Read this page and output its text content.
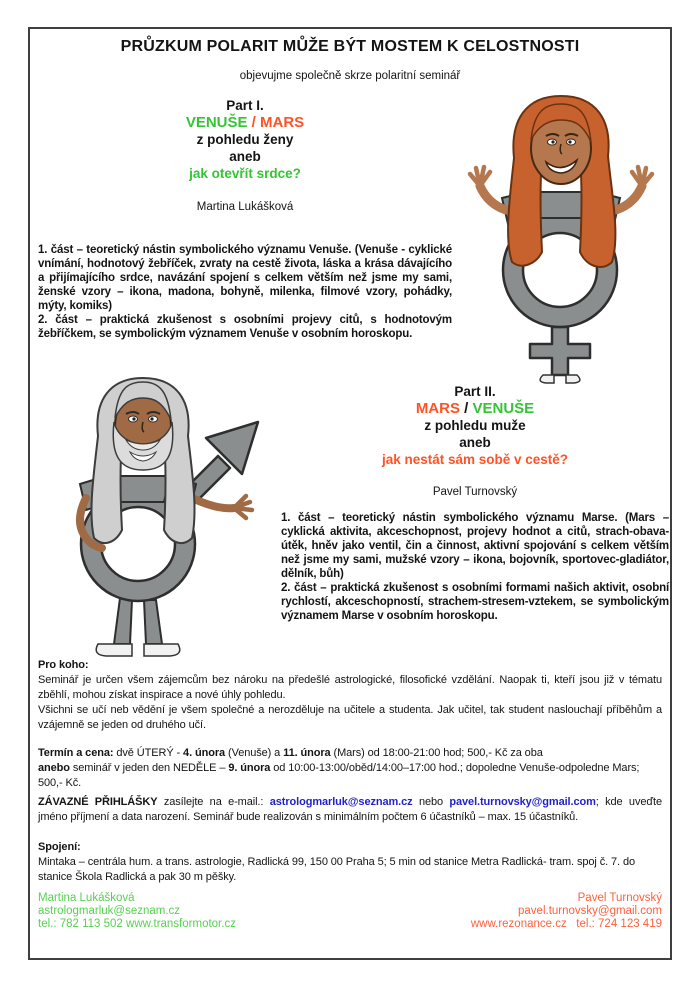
PRŮZKUM POLARIT MŮŽE BÝT MOSTEM K CELOSTNOSTI
objevujme společně skrze polaritní seminář
Part I.
VENUŠE / MARS
z pohledu ženy
aneb
jak otevřít srdce?
Martina Lukášková

1. část – teoretický nástin symbolického významu Venuše. (Venuše - cyklické vnímání, hodnotový žebříček, zvraty na cestě života, láska a krása dávajícího a přijímajícího srdce, navázání spojení s celkem větším než jsme my sami, ženské vzory – ikona, madona, bohyně, milenka, filmové vzory, pohádky, mýty, komiks)
2. část – praktická zkušenost s osobními projevy citů, s hodnotovým žebříčkem, se symbolickým významem Venuše v osobním horoskopu.

Part II.
MARS / VENUŠE
z pohledu muže
aneb
jak nestát sám sobě v cestě?
Pavel Turnovský

1. část – teoretický nástin symbolického významu Marse. (Mars – cyklická aktivita, akceschopnost, projevy hodnot a citů, strach-obava-útěk, hněv jako ventil, čin a činnost, aktivní spojování s celkem větším než jsme my sami, mužské vzory – ikona, bojovník, sportovec-gladiátor, dělník, bůh)
2. část – praktická zkušenost s osobními formami našich aktivit, osobní rychlostí, akceschopností, strachem-stresem-vztekem, se symbolickým významem Marse v osobním horoskopu.

Pro koho:
Seminář je určen všem zájemcům bez nároku na předešlé astrologické, filosofické vzdělání. Naopak ti, kteří jsou již v tématu zběhlí, mohou získat inspirace a nové úhly pohledu.
Všichni se učí neb vědění je všem společné a nerozděluje na učitele a studenta. Jak učitel, tak student naslouchají příběhům a vzájemně se jeden od druhého učí.
Termín a cena: dvě ÚTERÝ - 4. února (Venuše) a 11. února (Mars) od 18:00-21:00 hod; 500,- Kč za oba
anebo seminář v jeden den NEDĚLE – 9. února od 10:00-13:00/oběd/14:00–17:00 hod.; dopoledne Venuše-odpoledne Mars; 500,- Kč.
ZÁVAZNÉ PŘIHLÁŠKY zasílejte na e-mail.: astrologmarluk@seznam.cz nebo pavel.turnovsky@gmail.com; kde uveďte jméno příjmení a data narození. Seminář bude realizován s minimálním počtem 6 účastníků – max. 15 účastníků.
Spojení:
Mintaka – centrála hum. a trans. astrologie, Radlická 99, 150 00 Praha 5; 5 min od stanice Metra Radlická- tram. spoj č. 7. do stanice Škola Radlická a pak 30 m pěšky.
Martina Lukášková
astrologmarluk@seznam.cz
tel.: 782 113 502 www.transformotor.cz
Pavel Turnovský
pavel.turnovsky@gmail.com
www.rezonance.cz   tel.: 724 123 419
